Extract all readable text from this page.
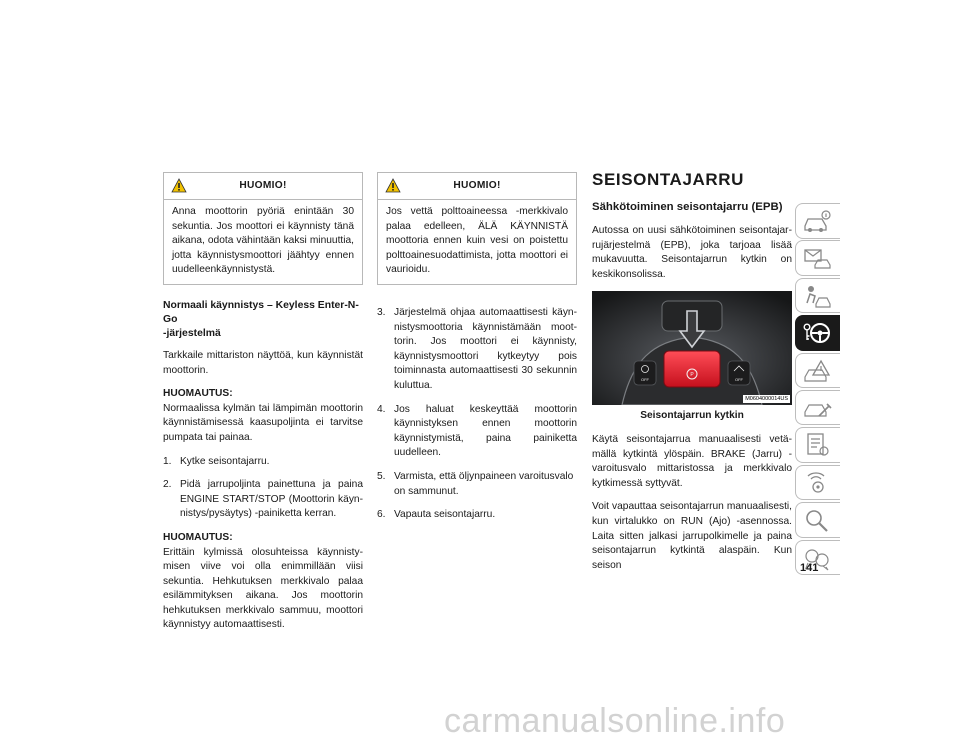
HUOMIO!
Anna moottorin pyöriä enintään 30 sekuntia. Jos moottori ei käynnisty tänä aikana, odota vähintään kaksi minuuttia, jotta käynnistysmoottori jäähtyy ennen uudelleenkäynnistystä.
Normaali käynnistys – Keyless Enter-N-Go
-järjestelmä

Tarkkaile mittariston näyttöä, kun käynnistät moottorin.

HUOMAUTUS:
Normaalissa kylmän tai lämpimän moottorin käynnistämisessä kaasupoljinta ei tarvitse pumpata tai painaa.

1. Kytke seisontajarru.
2. Pidä jarrupoljinta painettuna ja paina ENGINE START/STOP (Moottorin käynnistys/pysäytys) -painiketta kerran.

HUOMAUTUS:
Erittäin kylmissä olosuhteissa käynnistymisen viive voi olla enimmillään viisi sekuntia. Hehkutuksen merkkivalo palaa esilämmityksen aikana. Jos moottorin hehkutuksen merkkivalo sammuu, moottori käynnistyy automaattisesti.

HUOMIO!
Jos vettä polttoaineessa -merkkivalo palaa edelleen, ÄLÄ KÄYNNISTÄ moottoria ennen kuin vesi on poistettu polttoainesuodattimista, jotta moottori ei vaurioidu.
3. Järjestelmä ohjaa automaattisesti käynnistysmoottoria käynnistämään moottorin. Jos moottori ei käynnisty, käynnistysmoottori kytkeytyy pois toiminnasta automaattisesti 30 sekunnin kuluttua.
4. Jos haluat keskeyttää moottorin käynnistyksen ennen moottorin käynnistymistä, paina painiketta uudelleen.
5. Varmista, että öljynpaineen varoitusvalo on sammunut.
6. Vapauta seisontajarru.
SEISONTAJARRU
Sähkötoiminen seisontajarru (EPB)

Autossa on uusi sähkötoiminen seisontajarrujärjestelmä (EPB), joka tarjoaa lisää mukavuutta. Seisontajarrun kytkin on keskikonsolissa.

P
OFF	OFF
M0604000014US

Seisontajarrun kytkin

Käytä seisontajarrua manuaalisesti vetämällä kytkintä ylöspäin. BRAKE (Jarru) -varoitusvalo mittaristossa ja merkkivalo kytkimessä syttyvät.

Voit vapauttaa seisontajarrun manuaalisesti, kun virtalukko on RUN (Ajo) -asennossa. Laita sitten jalkasi jarrupolkimelle ja paina seisontajarrun kytkintä alaspäin. Kun seison	141
carmanualsonline.info
